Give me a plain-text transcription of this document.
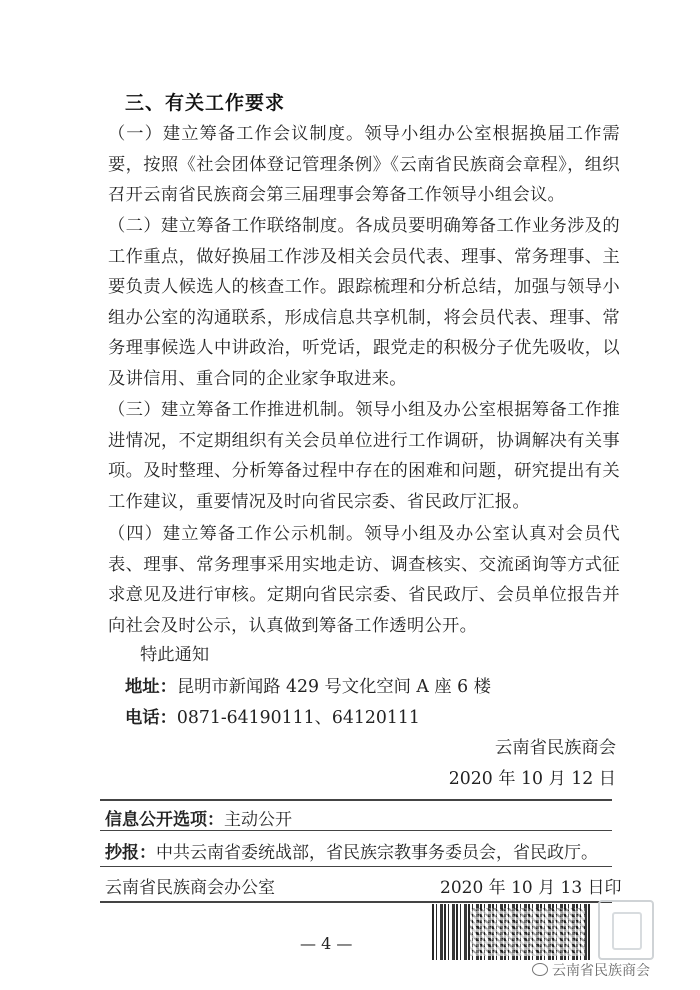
三、有关工作要求
（一）建立筹备工作会议制度。领导小组办公室根据换届工作需要，按照《社会团体登记管理条例》《云南省民族商会章程》，组织召开云南省民族商会第三届理事会筹备工作领导小组会议。
（二）建立筹备工作联络制度。各成员要明确筹备工作业务涉及的工作重点，做好换届工作涉及相关会员代表、理事、常务理事、主要负责人候选人的核查工作。跟踪梳理和分析总结，加强与领导小组办公室的沟通联系，形成信息共享机制，将会员代表、理事、常务理事候选人中讲政治，听党话，跟党走的积极分子优先吸收，以及讲信用、重合同的企业家争取进来。
（三）建立筹备工作推进机制。领导小组及办公室根据筹备工作推进情况，不定期组织有关会员单位进行工作调研，协调解决有关事项。及时整理、分析筹备过程中存在的困难和问题，研究提出有关工作建议，重要情况及时向省民宗委、省民政厅汇报。
（四）建立筹备工作公示机制。领导小组及办公室认真对会员代表、理事、常务理事采用实地走访、调查核实、交流函询等方式征求意见及进行审核。定期向省民宗委、省民政厅、会员单位报告并向社会及时公示，认真做到筹备工作透明公开。
特此通知
地址：昆明市新闻路 429 号文化空间 A 座 6 楼
电话：0871-64190111、64120111
云南省民族商会
2020 年 10 月 12 日
信息公开选项：主动公开
抄报：中共云南省委统战部，省民族宗教事务委员会，省民政厅。
云南省民族商会办公室	2020 年 10 月 13 日印
— 4 —
云南省民族商会
